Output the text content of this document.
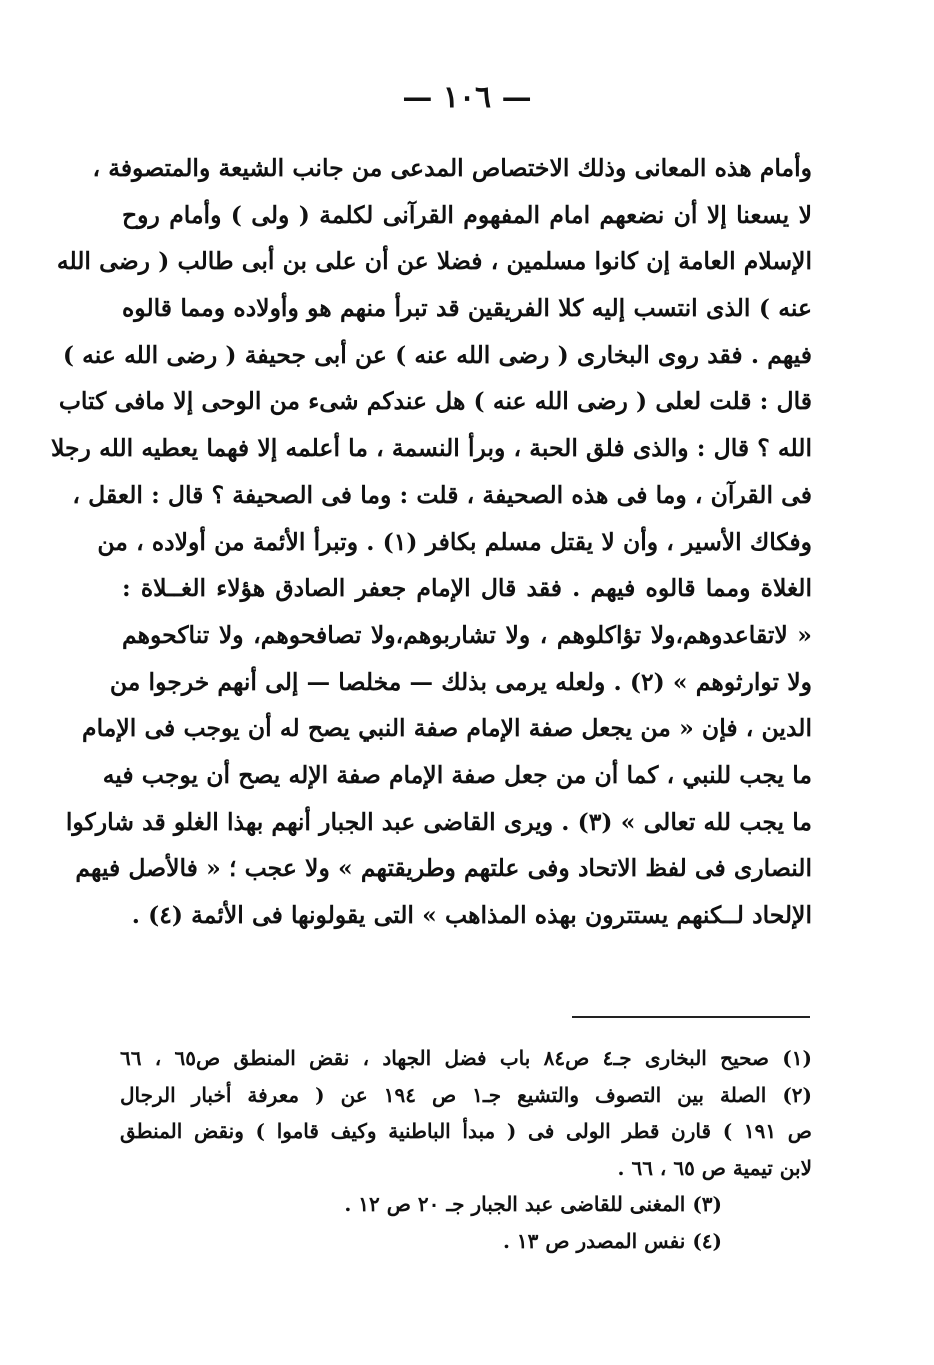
— ١٠٦ —
وأمام هذه المعانى وذلك الاختصاص المدعى من جانب الشيعة والمتصوفة ،
لا يسعنا إلا أن نضعهم امام المفهوم القرآنى لكلمة ( ولى ) وأمام روح
الإسلام العامة إن كانوا مسلمين ، فضلا عن أن على بن أبى طالب ( رضى الله
عنه ) الذى انتسب إليه كلا الفريقين قد تبرأ منهم هو وأولاده ومما قالوه
فيهم . فقد روى البخارى ( رضى الله عنه ) عن أبى جحيفة ( رضى الله عنه )
قال : قلت لعلى ( رضى الله عنه ) هل عندكم شىء من الوحى إلا مافى كتاب
الله ؟ قال : والذى فلق الحبة ، وبرأ النسمة ، ما أعلمه إلا فهما يعطيه الله رجلا
فى القرآن ، وما فى هذه الصحيفة ، قلت : وما فى الصحيفة ؟ قال : العقل ،
وفكاك الأسير ، وأن لا يقتل مسلم بكافر (١) . وتبرأ الأئمة من أولاده ، من
الغلاة ومما قالوه فيهم . فقد قال الإمام جعفر الصادق هؤلاء الغــلاة :
« لاتقاعدوهم،ولا تؤاكلوهم ، ولا تشاربوهم،ولا تصافحوهم، ولا تناكحوهم
ولا توارثوهم » (٢) . ولعله يرمى بذلك — مخلصا — إلى أنهم خرجوا من
الدين ، فإن « من يجعل صفة الإمام صفة النبي يصح له أن يوجب فى الإمام
ما يجب للنبي ، كما أن من جعل صفة الإمام صفة الإله يصح أن يوجب فيه
ما يجب لله تعالى » (٣) . ويرى القاضى عبد الجبار أنهم بهذا الغلو قد شاركوا
النصارى فى لفظ الاتحاد وفى علتهم وطريقتهم » ولا عجب ؛ « فالأصل فيهم
الإلحاد لــكنهم يستترون بهذه المذاهب » التى يقولونها فى الأئمة (٤) .
(١) صحيح البخارى جـ٤ ص٨٤ باب فضل الجهاد ، نقض المنطق ص٦٥ ، ٦٦
(٢) الصلة بين التصوف والتشيع جـ١ ص ١٩٤ عن ( معرفة أخبار الرجال
ص ١٩١ ) قارن قطر الولى فى ( مبدأ الباطنية وكيف قاموا ) ونقض المنطق
لابن تيمية ص ٦٥ ، ٦٦ .
(٣) المغنى للقاضى عبد الجبار جـ ٢٠ ص ١٢ .
(٤) نفس المصدر ص ١٣ .
